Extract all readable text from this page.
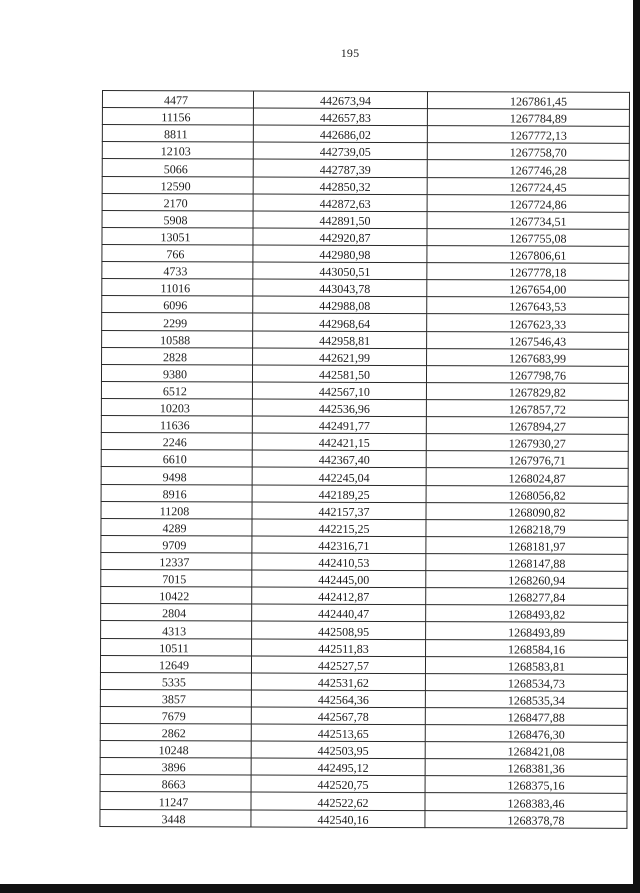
195
4477	442673,94	1267861,45
11156	442657,83	1267784,89
8811	442686,02	1267772,13
12103	442739,05	1267758,70
5066	442787,39	1267746,28
12590	442850,32	1267724,45
2170	442872,63	1267724,86
5908	442891,50	1267734,51
13051	442920,87	1267755,08
766	442980,98	1267806,61
4733	443050,51	1267778,18
11016	443043,78	1267654,00
6096	442988,08	1267643,53
2299	442968,64	1267623,33
10588	442958,81	1267546,43
2828	442621,99	1267683,99
9380	442581,50	1267798,76
6512	442567,10	1267829,82
10203	442536,96	1267857,72
11636	442491,77	1267894,27
2246	442421,15	1267930,27
6610	442367,40	1267976,71
9498	442245,04	1268024,87
8916	442189,25	1268056,82
11208	442157,37	1268090,82
4289	442215,25	1268218,79
9709	442316,71	1268181,97
12337	442410,53	1268147,88
7015	442445,00	1268260,94
10422	442412,87	1268277,84
2804	442440,47	1268493,82
4313	442508,95	1268493,89
10511	442511,83	1268584,16
12649	442527,57	1268583,81
5335	442531,62	1268534,73
3857	442564,36	1268535,34
7679	442567,78	1268477,88
2862	442513,65	1268476,30
10248	442503,95	1268421,08
3896	442495,12	1268381,36
8663	442520,75	1268375,16
11247	442522,62	1268383,46
3448	442540,16	1268378,78
